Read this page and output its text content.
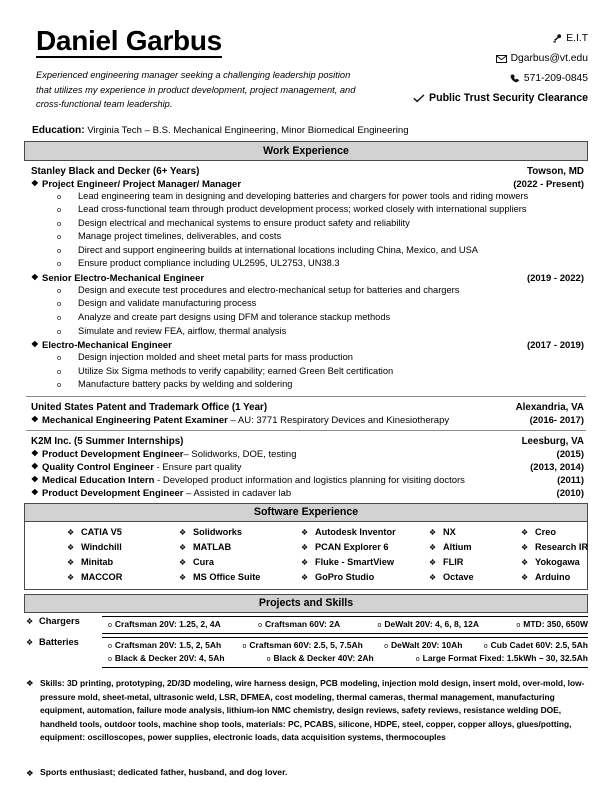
Daniel Garbus
Experienced engineering manager seeking a challenging leadership position that utilizes my experience in product development, project management, and cross-functional team leadership.
E.I.T
Dgarbus@vt.edu
571-209-0845
Public Trust Security Clearance
Education: Virginia Tech – B.S. Mechanical Engineering, Minor Biomedical Engineering
Work Experience
Stanley Black and Decker (6+ Years)	Towson, MD
❖ Project Engineer/ Project Manager/ Manager	(2022 - Present)
o Lead engineering team in designing and developing batteries and chargers for power tools and riding mowers
o Lead cross-functional team through product development process; worked closely with international suppliers
o Design electrical and mechanical systems to ensure product safety and reliability
o Manage project timelines, deliverables, and costs
o Direct and support engineering builds at international locations including China, Mexico, and USA
o Ensure product compliance including UL2595, UL2753, UN38.3
❖ Senior Electro-Mechanical Engineer	(2019 - 2022)
o Design and execute test procedures and electro-mechanical setup for batteries and chargers
o Design and validate manufacturing process
o Analyze and create part designs using DFM and tolerance stackup methods
o Simulate and review FEA, airflow, thermal analysis
❖ Electro-Mechanical Engineer	(2017 - 2019)
o Design injection molded and sheet metal parts for mass production
o Utilize Six Sigma methods to verify capability; earned Green Belt certification
o Manufacture battery packs by welding and soldering
United States Patent and Trademark Office (1 Year)	Alexandria, VA
❖ Mechanical Engineering Patent Examiner – AU: 3771 Respiratory Devices and Kinesiotherapy	(2016- 2017)
K2M Inc. (5 Summer Internships)	Leesburg, VA
❖ Product Development Engineer– Solidworks, DOE, testing	(2015)
❖ Quality Control Engineer - Ensure part quality	(2013, 2014)
❖ Medical Education Intern - Developed product information and logistics planning for visiting doctors	(2011)
❖ Product Development Engineer – Assisted in cadaver lab	(2010)
Software Experience
❖ CATIA V5	❖ Solidworks	❖ Autodesk Inventor	❖ NX	❖ Creo
❖ Windchill	❖ MATLAB	❖ PCAN Explorer 6	❖ Altium	❖ Research IR
❖ Minitab	❖ Cura	❖ Fluke - SmartView	❖ FLIR	❖ Yokogawa
❖ MACCOR	❖ MS Office Suite	❖ GoPro Studio	❖ Octave	❖ Arduino
Projects and Skills
❖ Chargers	o Craftsman 20V: 1.25, 2, 4A	o Craftsman 60V: 2A	o DeWalt 20V: 4, 6, 8, 12A	o MTD: 350, 650W
❖ Batteries	o Craftsman 20V: 1.5, 2, 5Ah	o Craftsman 60V: 2.5, 5, 7.5Ah	o DeWalt 20V: 10Ah	o Cub Cadet 60V: 2.5, 5Ah
o Black & Decker 20V: 4, 5Ah	o Black & Decker 40V: 2Ah	o Large Format Fixed: 1.5kWh – 30, 32.5Ah
❖ Skills: 3D printing, prototyping, 2D/3D modeling, wire harness design, PCB modeling, injection mold design, insert mold, over-mold, low-pressure mold, sheet-metal, ultrasonic weld, LSR, DFMEA, cost modeling, thermal cameras, thermal management, manufacturing equipment, automation, failure mode analysis, lithium-ion NMC chemistry, design reviews, safety reviews, resistance welding DOE, handheld tools, outdoor tools, machine shop tools, materials: PC, PCABS, silicone, HDPE, steel, copper, copper alloys, glues/potting, equipment: oscilloscopes, power supplies, electronic loads, data acquisition systems, thermocouples
❖ Sports enthusiast; dedicated father, husband, and dog lover.
